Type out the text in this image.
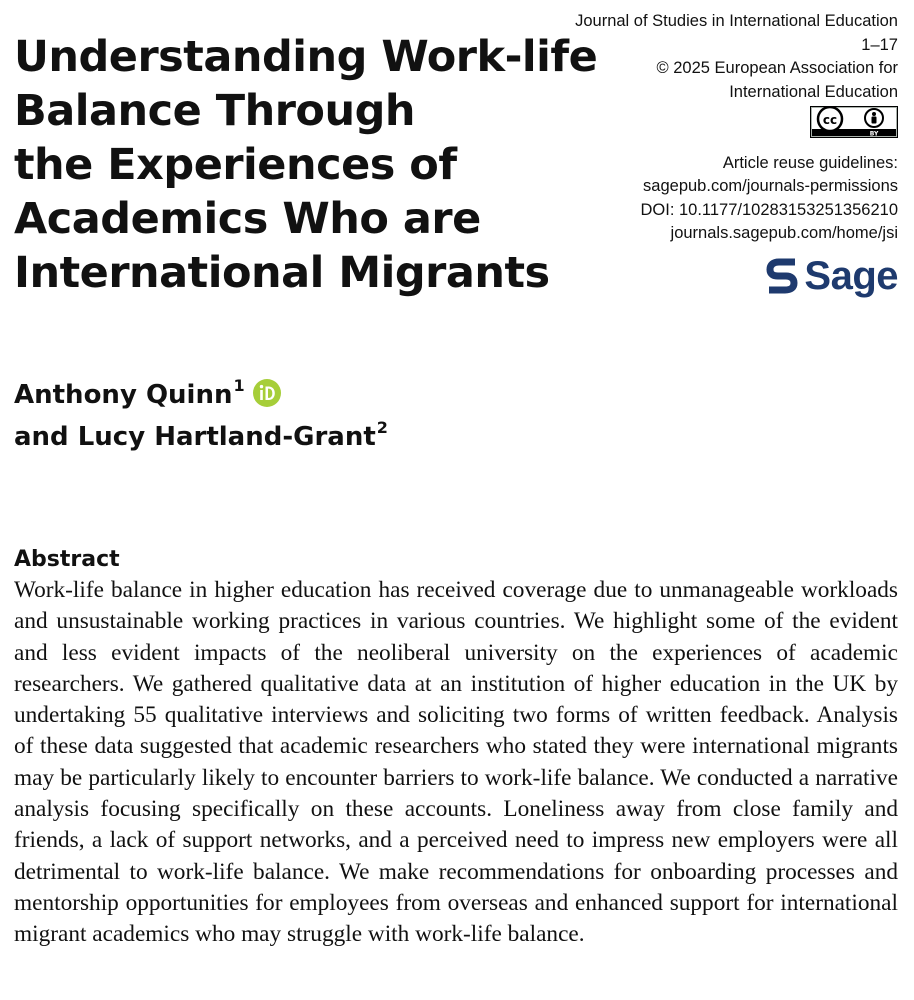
Understanding Work-life
Balance Through
the Experiences of
Academics Who are
International Migrants
Journal of Studies in International Education
1–17
© 2025 European Association for
International Education
cc
BY
Article reuse guidelines:
sagepub.com/journals-permissions
DOI: 10.1177/10283153251356210
journals.sagepub.com/home/jsi
Sage
Anthony Quinn$^1$
and Lucy Hartland-Grant$^2$
Abstract

Work-life balance in higher education has received coverage due to unmanageable workloads and unsustainable working practices in various countries. We highlight some of the evident and less evident impacts of the neoliberal university on the experiences of academic researchers. We gathered qualitative data at an institution of higher education in the UK by undertaking 55 qualitative interviews and soliciting two forms of written feedback. Analysis of these data suggested that academic researchers who stated they were international migrants may be particularly likely to encounter barriers to work-life balance. We conducted a narrative analysis focusing specifically on these accounts. Loneliness away from close family and friends, a lack of support networks, and a perceived need to impress new employers were all detrimental to work-life balance. We make recommendations for onboarding processes and mentorship opportunities for employees from overseas and enhanced support for international migrant academics who may struggle with work-life balance.
